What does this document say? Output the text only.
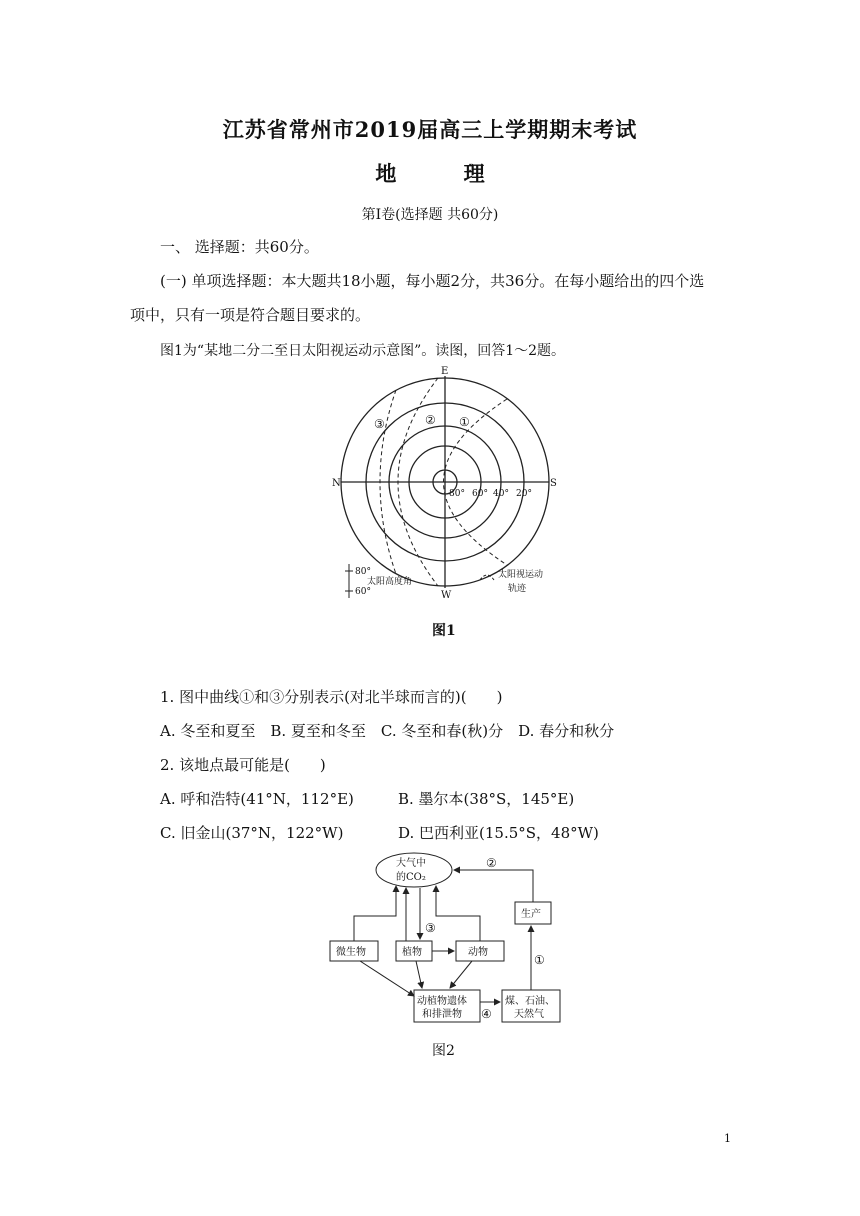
江苏省常州市2019届高三上学期期末考试
地 理
第Ⅰ卷(选择题 共60分)
一、 选择题：共60分。
(一) 单项选择题：本大题共18小题，每小题2分，共36分。在每小题给出的四个选
项中，只有一项是符合题目要求的。
图1为“某地二分二至日太阳视运动示意图”。读图，回答1～2题。
E
W
N	S
80° 60° 40° 20°
③	② ①
80°
太阳高度角
60°
太阳视运动
轨迹
图1
1. 图中曲线①和③分别表示(对北半球而言的)(　　)
A. 冬至和夏至　B. 夏至和冬至　C. 冬至和春(秋)分　D. 春分和秋分
2. 该地点最可能是(　　)
A. 呼和浩特(41°N，112°E)	B. 墨尔本(38°S，145°E)
C. 旧金山(37°N，122°W)	D. 巴西利亚(15.5°S，48°W)
大气中
的CO₂
生产
微生物	植物	动物
动植物遗体
和排泄物
煤、石油、
天然气
①
②
③
④
图2
1
